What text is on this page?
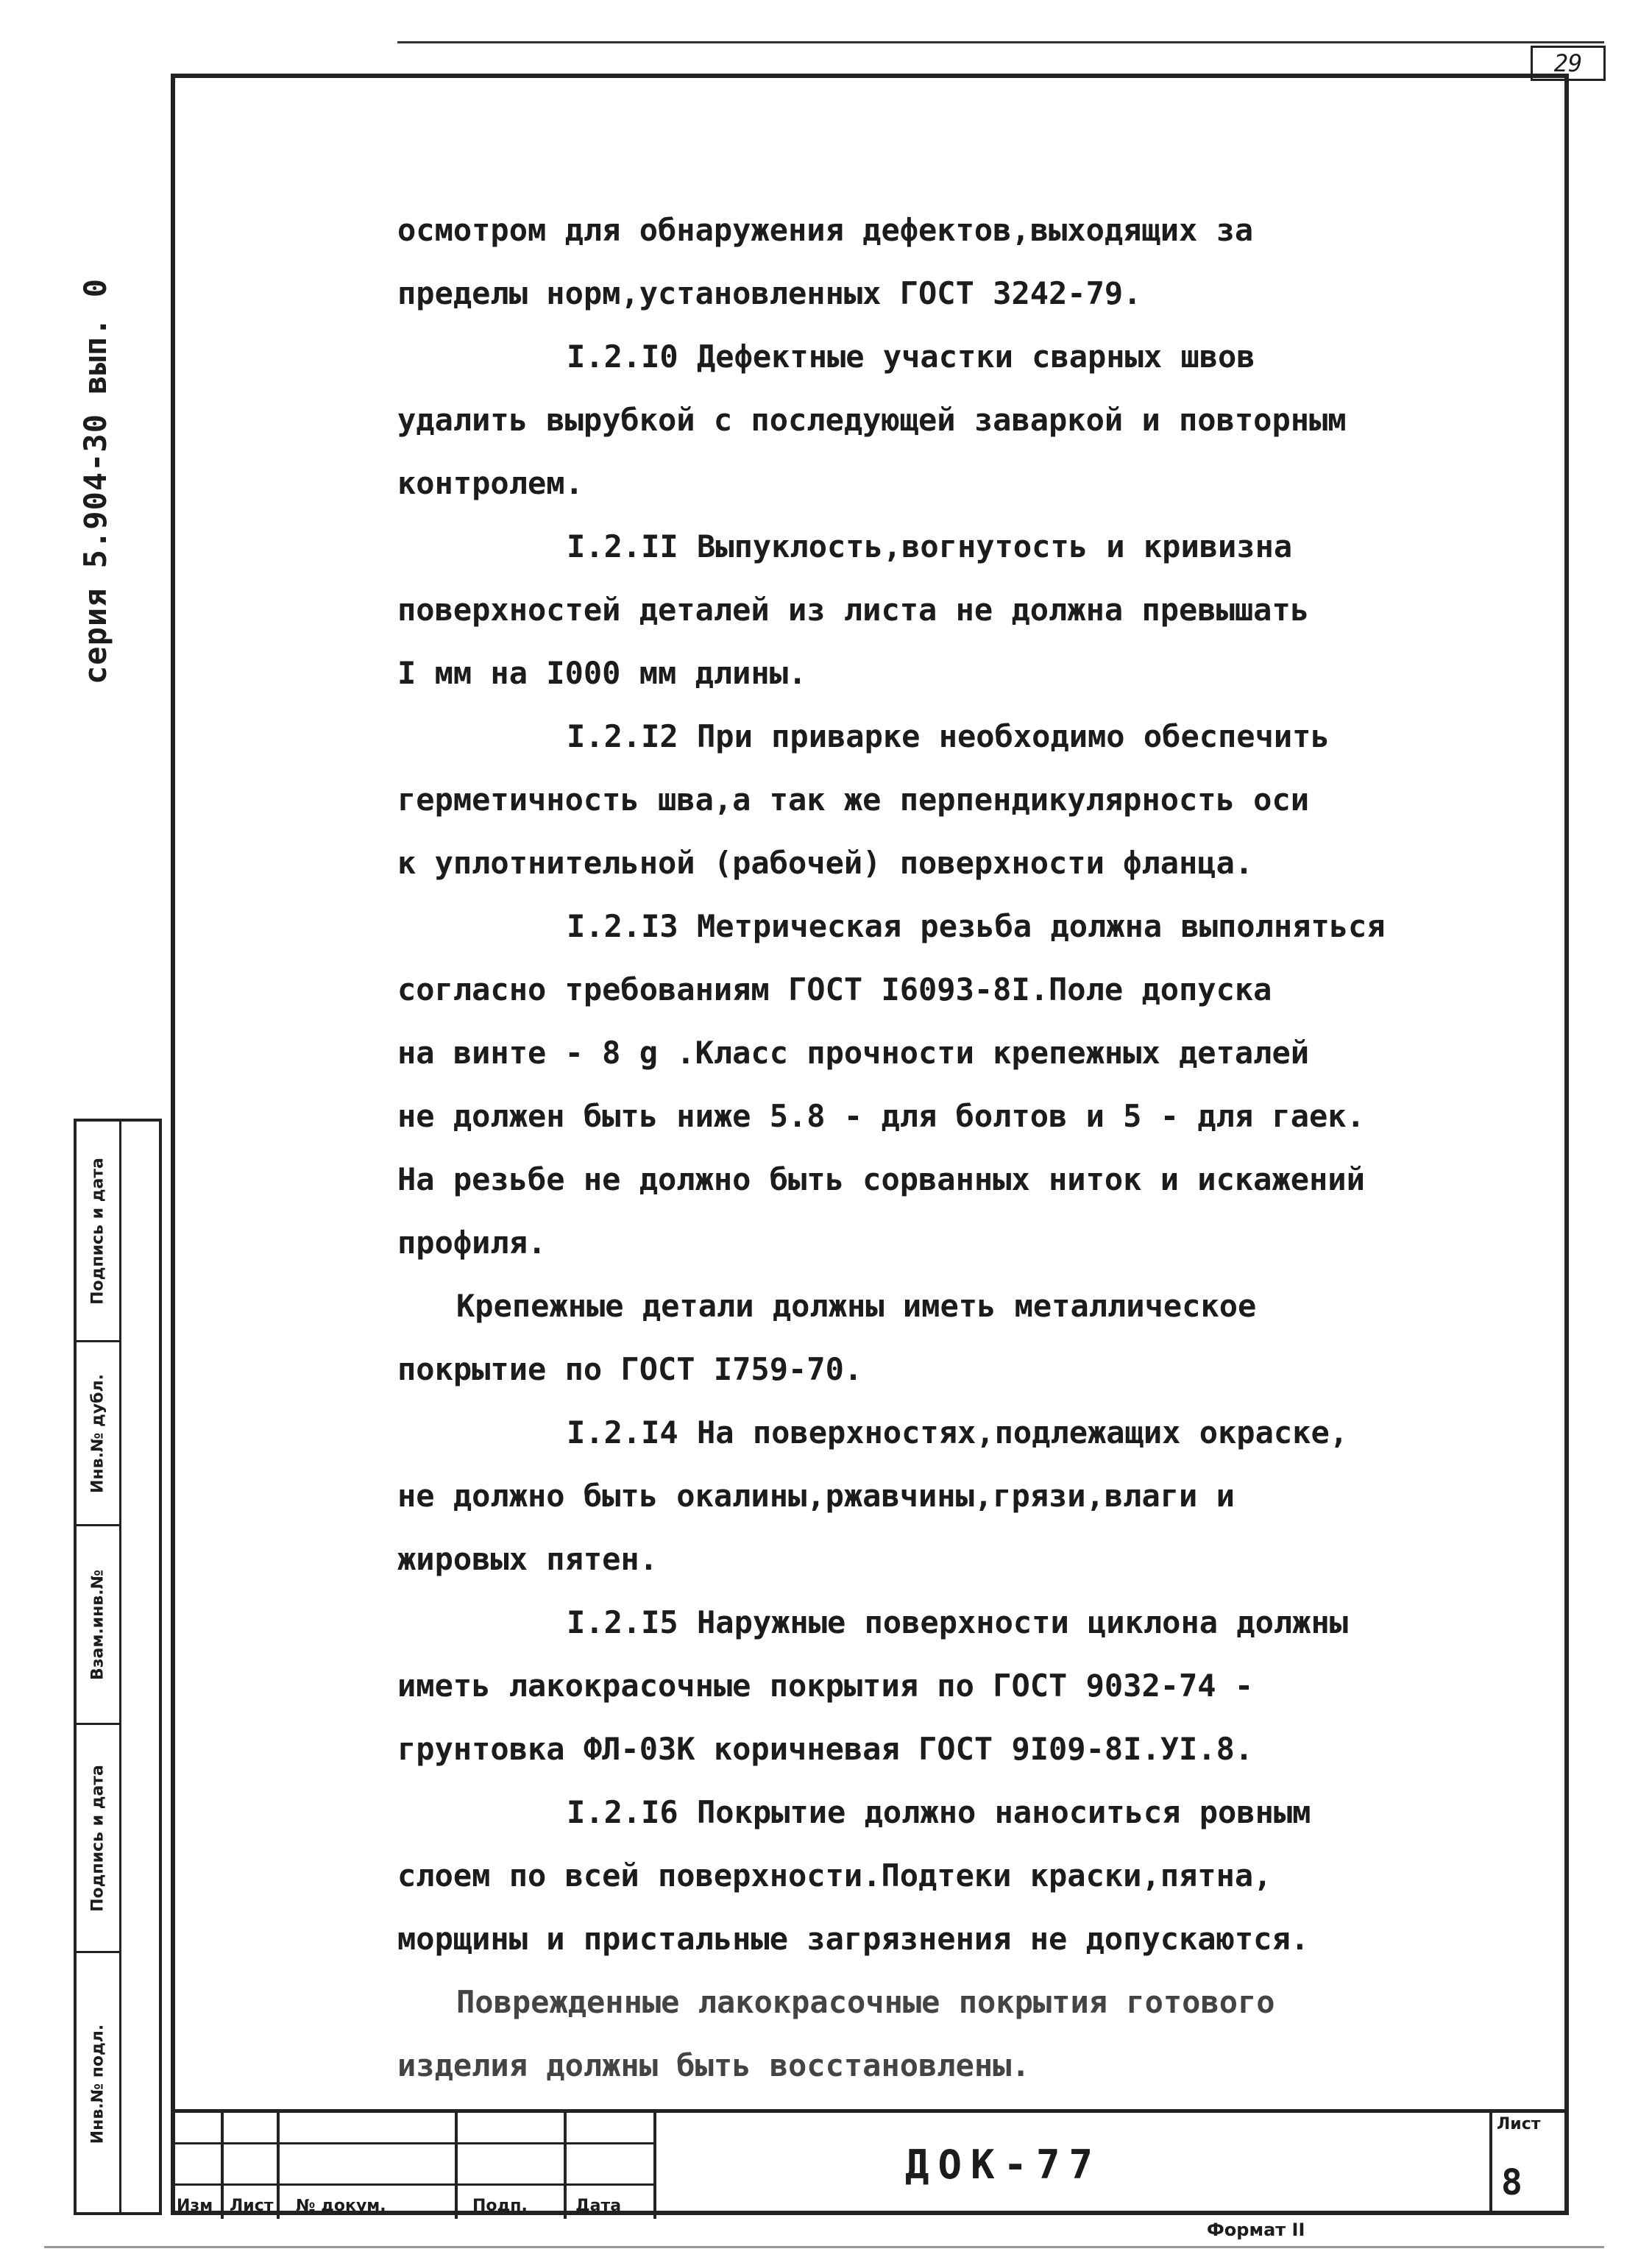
29
серия 5.904-30 вып. 0
Подпись и дата
Инв.№ дубл.
Взам.инв.№
Подпись и дата
Инв.№ подл.
осмотром для обнаружения дефектов,выходящих за
пределы норм,установленных ГОСТ 3242-79.
I.2.I0 Дефектные участки сварных швов
удалить вырубкой с последующей заваркой и повторным
контролем.
I.2.II Выпуклость,вогнутость и кривизна
поверхностей деталей из листа не должна превышать
I мм на I000 мм длины.
I.2.I2 При приварке необходимо обеспечить
герметичность шва,а так же перпендикулярность оси
к уплотнительной (рабочей) поверхности фланца.
I.2.I3 Метрическая резьба должна выполняться
согласно требованиям ГОСТ I6093-8I.Поле допуска
на винте - 8 g .Класс прочности крепежных деталей
не должен быть ниже 5.8 - для болтов и 5 - для гаек.
На резьбе не должно быть сорванных ниток и искажений
профиля.
Крепежные детали должны иметь металлическое
покрытие по ГОСТ I759-70.
I.2.I4 На поверхностях,подлежащих окраске,
не должно быть окалины,ржавчины,грязи,влаги и
жировых пятен.
I.2.I5 Наружные поверхности циклона должны
иметь лакокрасочные покрытия по ГОСТ 9032-74 -
грунтовка ФЛ-03К коричневая ГОСТ 9I09-8I.УI.8.
I.2.I6 Покрытие должно наноситься ровным
слоем по всей поверхности.Подтеки краски,пятна,
морщины и пристальные загрязнения не допускаются.
Поврежденные лакокрасочные покрытия готового
изделия должны быть восстановлены.
Изм Лист № докум.	Подп.	Дата
ДОК-77
Лист
8
Формат II
